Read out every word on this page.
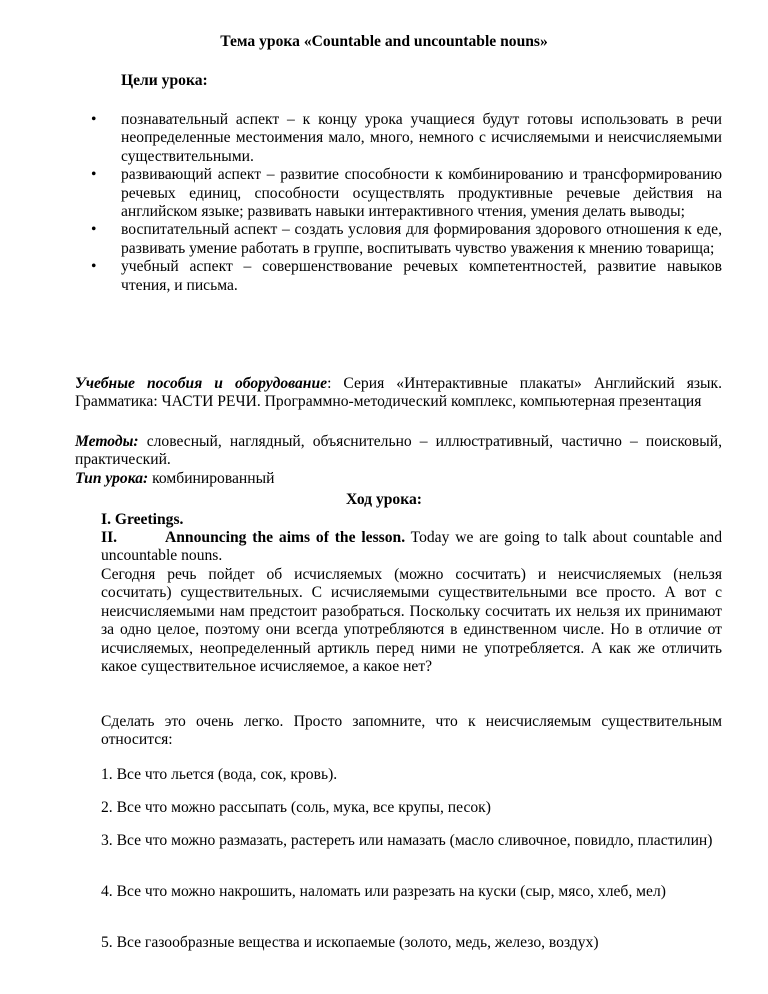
Тема урока «Countable and uncountable nouns»
Цели урока:
• познавательный аспект – к концу урока учащиеся будут готовы использовать в речи неопределенные местоимения мало, много, немного с исчисляемыми и неисчисляемыми существительными.
• развивающий аспект – развитие способности к комбинированию и трансформированию речевых единиц, способности осуществлять продуктивные речевые действия на английском языке; развивать навыки интерактивного чтения, умения делать выводы;
• воспитательный аспект – создать условия для формирования здорового отношения к еде, развивать умение работать в группе, воспитывать чувство уважения к мнению товарища;
• учебный аспект – совершенствование речевых компетентностей, развитие навыков чтения, и письма.
Учебные пособия и оборудование: Серия «Интерактивные плакаты» Английский язык. Грамматика: ЧАСТИ РЕЧИ. Программно-методический комплекс, компьютерная презентация
Методы: словесный, наглядный, объяснительно – иллюстративный, частично – поисковый, практический.
Тип урока: комбинированный
Ход урока:
I. Greetings.
II.	Announcing the aims of the lesson. Today we are going to talk about countable and uncountable nouns.
Сегодня речь пойдет об исчисляемых (можно сосчитать) и неисчисляемых (нельзя сосчитать) существительных. С исчисляемыми существительными все просто. А вот с неисчисляемыми нам предстоит разобраться. Поскольку сосчитать их нельзя их принимают за одно целое, поэтому они всегда употребляются в единственном числе. Но в отличие от исчисляемых, неопределенный артикль перед ними не употребляется. А как же отличить какое существительное исчисляемое, а какое нет?
Сделать это очень легко. Просто запомните, что к неисчисляемым существительным относится:
1. Все что льется (вода, сок, кровь).
2. Все что можно рассыпать (соль, мука, все крупы, песок)
3. Все что можно размазать, растереть или намазать (масло сливочное, повидло, пластилин)
4. Все что можно накрошить, наломать или разрезать на куски (сыр, мясо, хлеб, мел)
5. Все газообразные вещества и ископаемые (золото, медь, железо, воздух)
